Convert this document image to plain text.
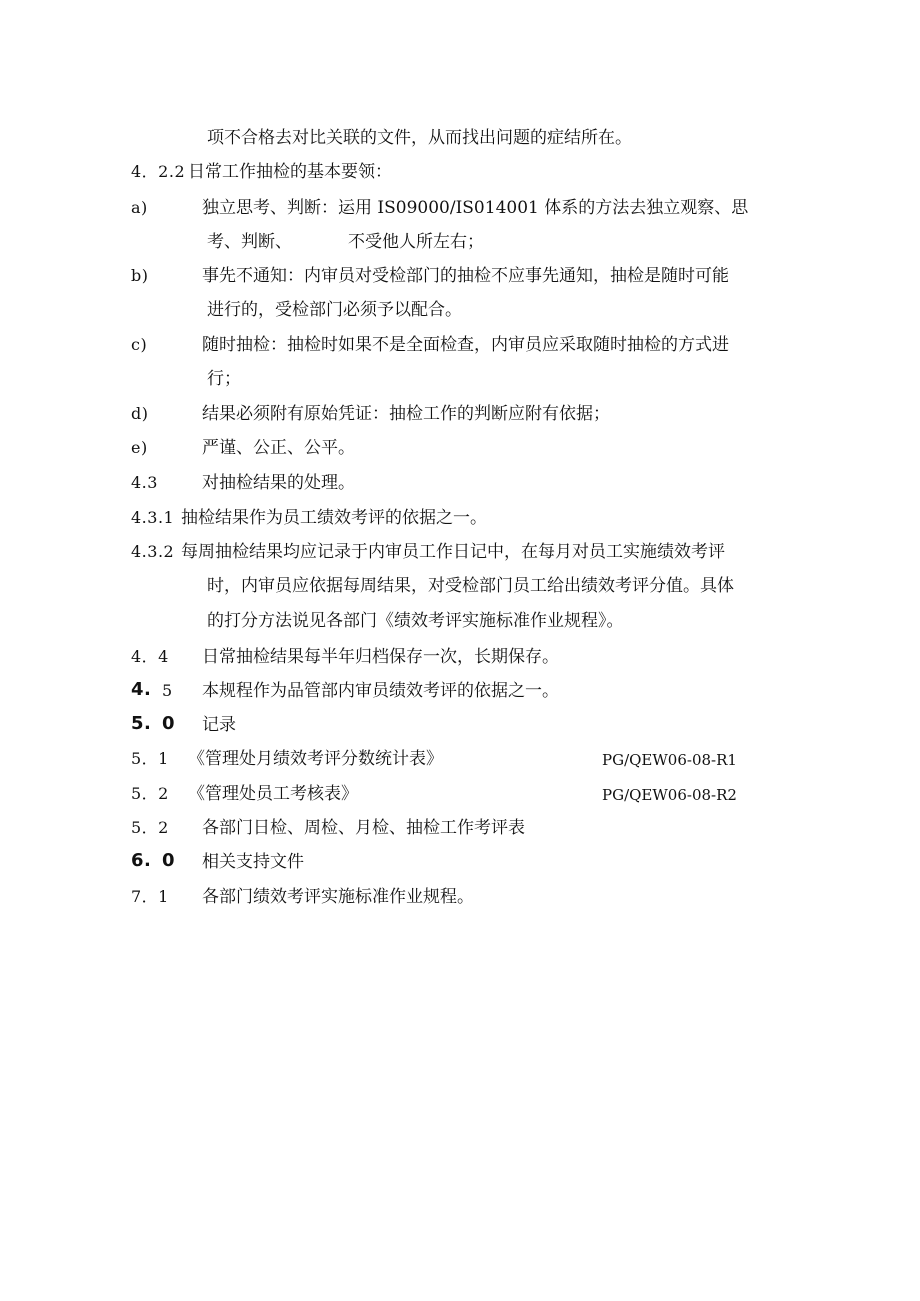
项不合格去对比关联的文件，从而找出问题的症结所在。
4．2.2 日常工作抽检的基本要领：
a)	独立思考、判断：运用 IS09000/IS014001 体系的方法去独立观察、思
考、判断、	不受他人所左右；
b)	事先不通知：内审员对受检部门的抽检不应事先通知，抽检是随时可能
进行的，受检部门必须予以配合。
c)	随时抽检：抽检时如果不是全面检查，内审员应采取随时抽检的方式进
行；
d)	结果必须附有原始凭证：抽检工作的判断应附有依据；
e)	严谨、公正、公平。
4.3	对抽检结果的处理。
4.3.1 抽检结果作为员工绩效考评的依据之一。
4.3.2 每周抽检结果均应记录于内审员工作日记中，在每月对员工实施绩效考评
时，内审员应依据每周结果，对受检部门员工给出绩效考评分值。具体
的打分方法说见各部门《绩效考评实施标准作业规程》。
4．4 日常抽检结果每半年归档保存一次，长期保存。
4. 5 本规程作为品管部内审员绩效考评的依据之一。
5. 0 记录
5．1 《管理处月绩效考评分数统计表》	PG/QEW06-08-R1
5．2 《管理处员工考核表》	PG/QEW06-08-R2
5．2 各部门日检、周检、月检、抽检工作考评表
6. 0 相关支持文件
7．1 各部门绩效考评实施标准作业规程。
